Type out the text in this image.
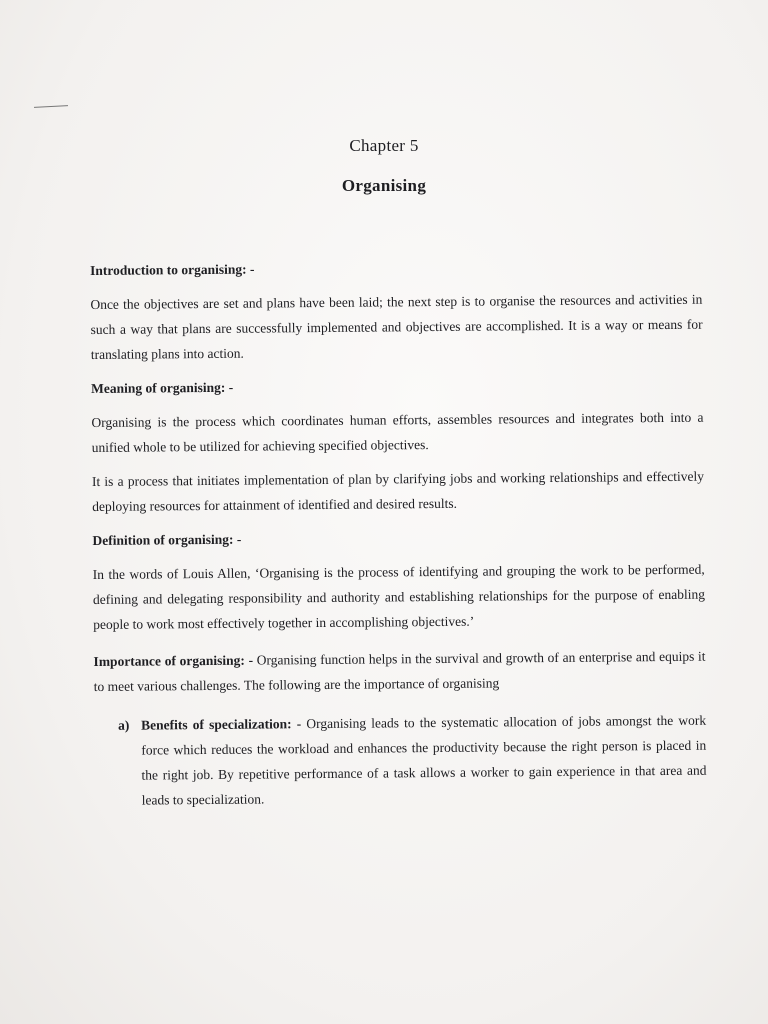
Chapter 5
Organising
Introduction to organising: -

Once the objectives are set and plans have been laid; the next step is to organise the resources and activities in such a way that plans are successfully implemented and objectives are accomplished. It is a way or means for translating plans into action.

Meaning of organising: -

Organising is the process which coordinates human efforts, assembles resources and integrates both into a unified whole to be utilized for achieving specified objectives.

It is a process that initiates implementation of plan by clarifying jobs and working relationships and effectively deploying resources for attainment of identified and desired results.

Definition of organising: -

In the words of Louis Allen, ‘Organising is the process of identifying and grouping the work to be performed, defining and delegating responsibility and authority and establishing relationships for the purpose of enabling people to work most effectively together in accomplishing objectives.’

Importance of organising: - Organising function helps in the survival and growth of an enterprise and equips it to meet various challenges. The following are the importance of organising

a) Benefits of specialization: - Organising leads to the systematic allocation of jobs amongst the work force which reduces the workload and enhances the productivity because the right person is placed in the right job. By repetitive performance of a task allows a worker to gain experience in that area and leads to specialization.
